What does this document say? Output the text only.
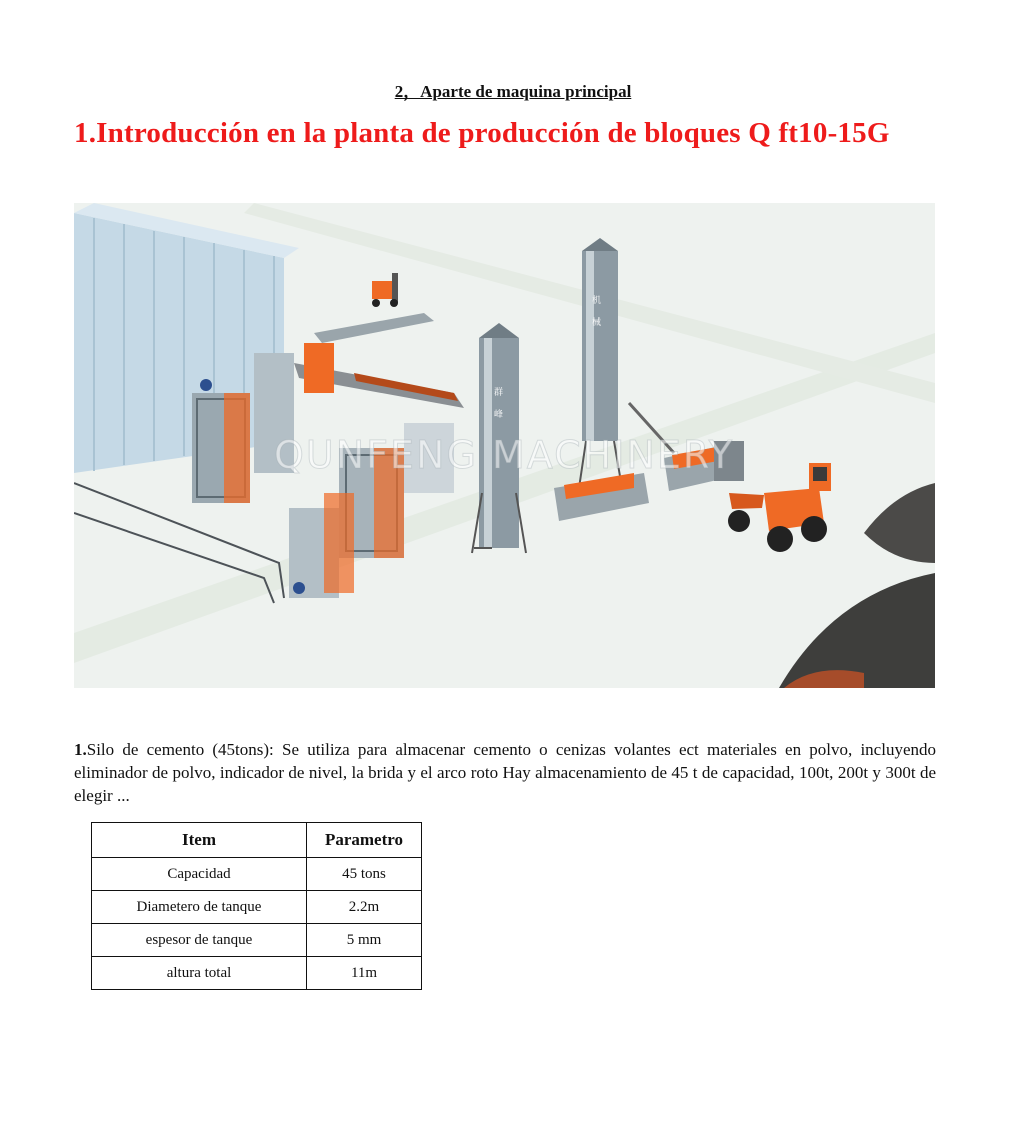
2，Aparte de maquina principal
1.Introducción en la planta de producción de bloques Q ft10-15G
群
峰
机
械
QUNFENG MACHINERY
1.Silo de cemento (45tons): Se utiliza para almacenar cemento o cenizas volantes ect materiales en polvo, incluyendo eliminador de polvo, indicador de nivel, la brida y el arco roto Hay almacenamiento de 45 t de capacidad, 100t, 200t y 300t de elegir ...
Item	Parametro
Capacidad	45 tons
Diametero de tanque	2.2m
espesor de tanque	5 mm
altura total	11m
